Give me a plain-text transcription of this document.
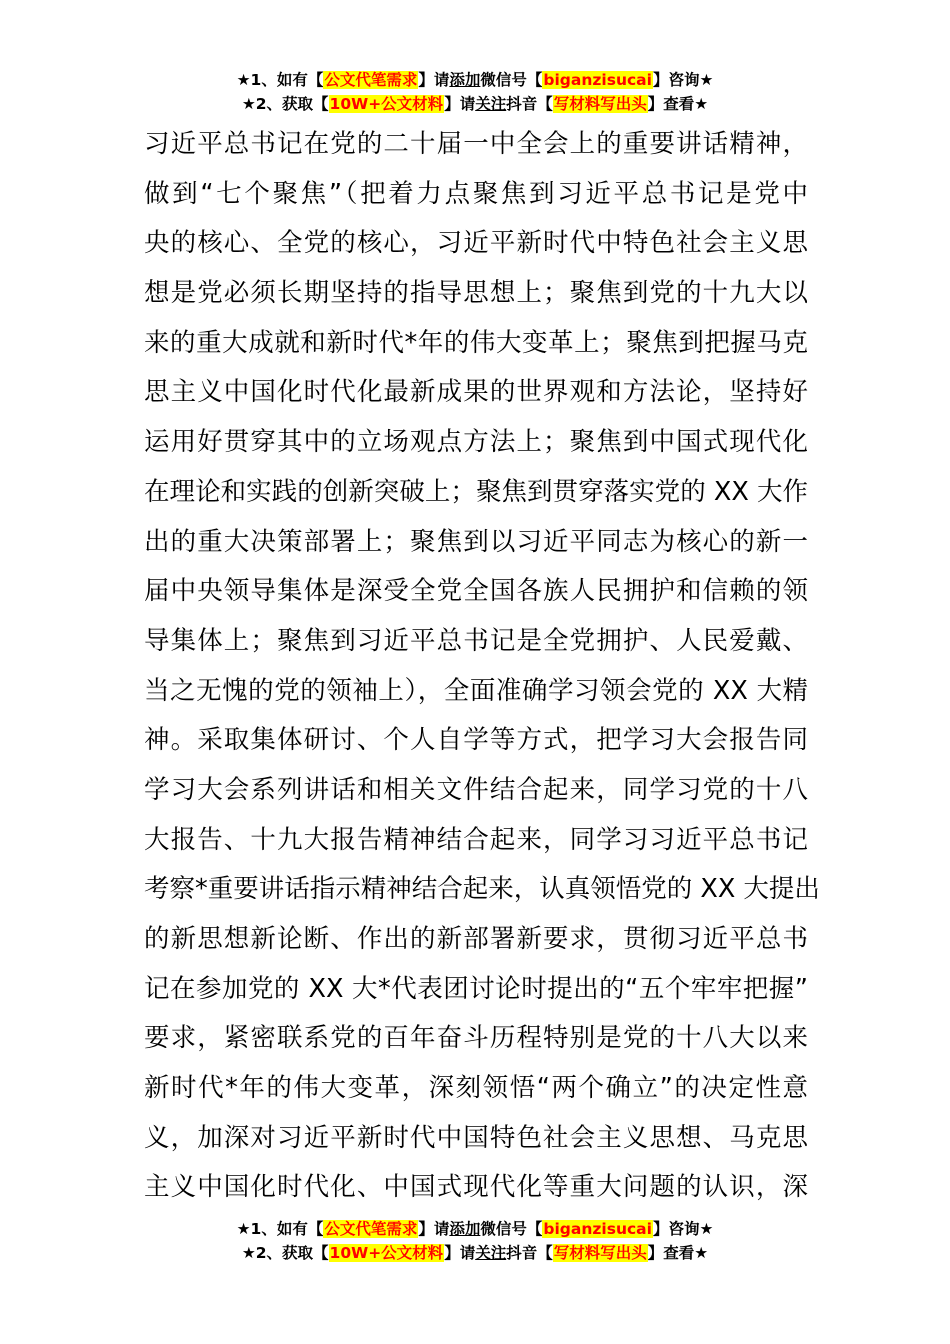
★1、如有【公文代笔需求】请添加微信号【biganzisucai】咨询★
★2、获取【10W+公文材料】请关注抖音【写材料写出头】查看★
习近平总书记在党的二十届一中全会上的重要讲话精神，
做到“七个聚焦”（把着力点聚焦到习近平总书记是党中
央的核心、全党的核心，习近平新时代中特色社会主义思
想是党必须长期坚持的指导思想上；聚焦到党的十九大以
来的重大成就和新时代*年的伟大变革上；聚焦到把握马克
思主义中国化时代化最新成果的世界观和方法论，坚持好
运用好贯穿其中的立场观点方法上；聚焦到中国式现代化
在理论和实践的创新突破上；聚焦到贯穿落实党的 XX 大作
出的重大决策部署上；聚焦到以习近平同志为核心的新一
届中央领导集体是深受全党全国各族人民拥护和信赖的领
导集体上；聚焦到习近平总书记是全党拥护、人民爱戴、
当之无愧的党的领袖上），全面准确学习领会党的 XX 大精
神。采取集体研讨、个人自学等方式，把学习大会报告同
学习大会系列讲话和相关文件结合起来，同学习党的十八
大报告、十九大报告精神结合起来，同学习习近平总书记
考察*重要讲话指示精神结合起来，认真领悟党的 XX 大提出
的新思想新论断、作出的新部署新要求，贯彻习近平总书
记在参加党的 XX 大*代表团讨论时提出的“五个牢牢把握”
要求，紧密联系党的百年奋斗历程特别是党的十八大以来
新时代*年的伟大变革，深刻领悟“两个确立”的决定性意
义，加深对习近平新时代中国特色社会主义思想、马克思
主义中国化时代化、中国式现代化等重大问题的认识，深
★1、如有【公文代笔需求】请添加微信号【biganzisucai】咨询★
★2、获取【10W+公文材料】请关注抖音【写材料写出头】查看★
